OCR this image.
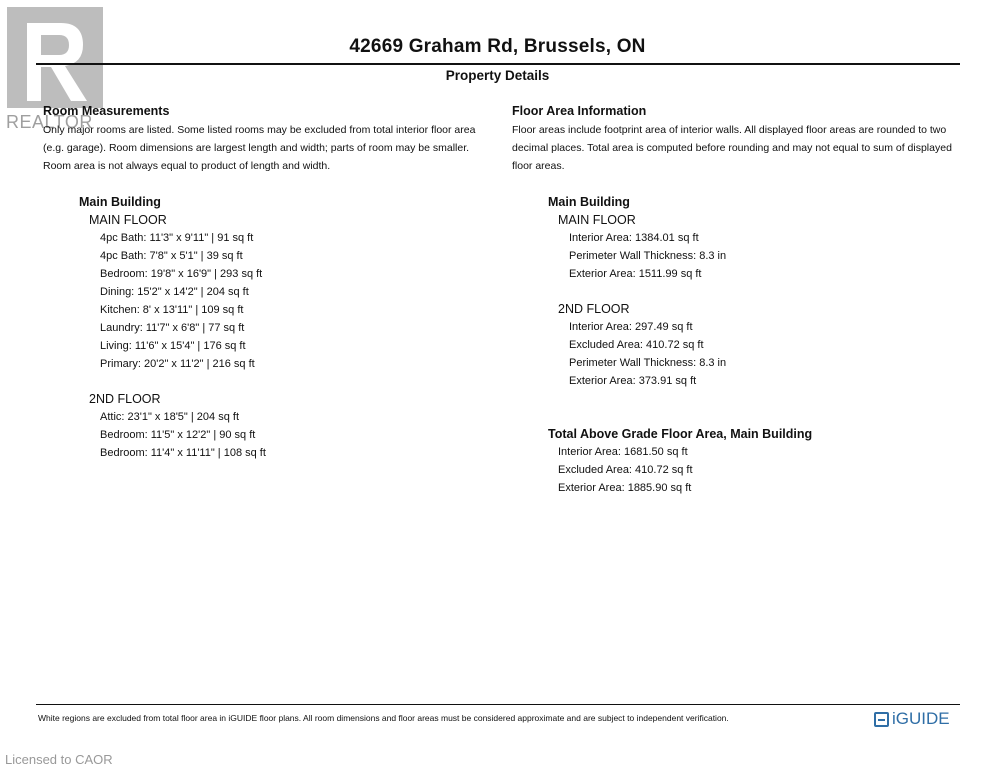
REALTOR
42669 Graham Rd, Brussels, ON
Property Details
Room Measurements
Only major rooms are listed. Some listed rooms may be excluded from total interior floor area
(e.g. garage). Room dimensions are largest length and width; parts of room may be smaller.
Room area is not always equal to product of length and width.
Main Building
MAIN FLOOR
4pc Bath: 11'3" x 9'11" | 91 sq ft
4pc Bath: 7'8" x 5'1" | 39 sq ft
Bedroom: 19'8" x 16'9" | 293 sq ft
Dining: 15'2" x 14'2" | 204 sq ft
Kitchen: 8' x 13'11" | 109 sq ft
Laundry: 11'7" x 6'8" | 77 sq ft
Living: 11'6" x 15'4" | 176 sq ft
Primary: 20'2" x 11'2" | 216 sq ft
2ND FLOOR
Attic: 23'1" x 18'5" | 204 sq ft
Bedroom: 11'5" x 12'2" | 90 sq ft
Bedroom: 11'4" x 11'11" | 108 sq ft
Floor Area Information
Floor areas include footprint area of interior walls. All displayed floor areas are rounded to two
decimal places. Total area is computed before rounding and may not equal to sum of displayed
floor areas.
Main Building
MAIN FLOOR
Interior Area: 1384.01 sq ft
Perimeter Wall Thickness: 8.3 in
Exterior Area: 1511.99 sq ft
2ND FLOOR
Interior Area: 297.49 sq ft
Excluded Area: 410.72 sq ft
Perimeter Wall Thickness: 8.3 in
Exterior Area: 373.91 sq ft
Total Above Grade Floor Area, Main Building
Interior Area: 1681.50 sq ft
Excluded Area: 410.72 sq ft
Exterior Area: 1885.90 sq ft
White regions are excluded from total floor area in iGUIDE floor plans. All room dimensions and floor areas must be considered approximate and are subject to independent verification.	iGUIDE
Licensed to CAOR
